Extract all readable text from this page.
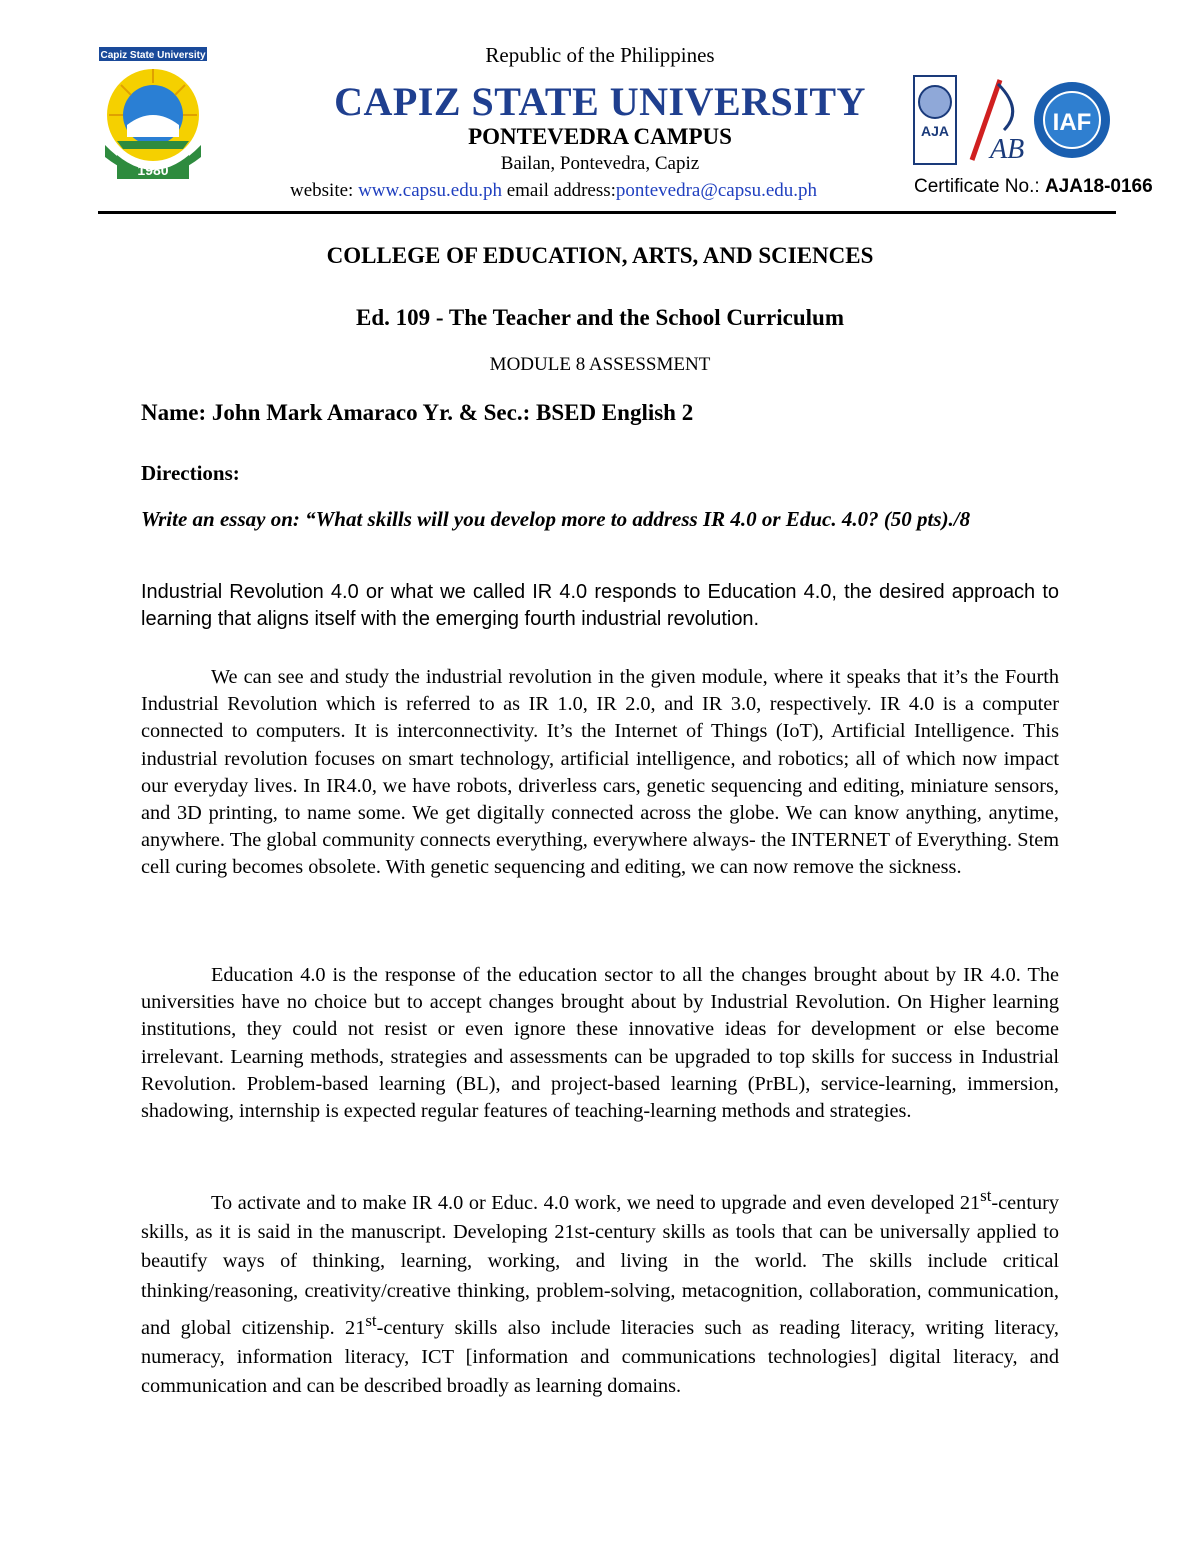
Capiz State University
1980
Republic of the Philippines
CAPIZ STATE UNIVERSITY
PONTEVEDRA CAMPUS
Bailan, Pontevedra, Capiz
website: www.capsu.edu.ph email address:pontevedra@capsu.edu.ph
AJA
AB
IAF
Certificate No.: AJA18-0166
COLLEGE OF EDUCATION, ARTS, AND SCIENCES
Ed. 109 - The Teacher and the School Curriculum
MODULE 8 ASSESSMENT
Name: John Mark Amaraco Yr. & Sec.: BSED English 2
Directions:
Write an essay on: “What skills will you develop more to address IR 4.0 or Educ. 4.0? (50 pts)./8
Industrial Revolution 4.0 or what we called IR 4.0 responds to Education 4.0, the desired approach to learning that aligns itself with the emerging fourth industrial revolution.
We can see and study the industrial revolution in the given module, where it speaks that it’s the Fourth Industrial Revolution which is referred to as IR 1.0, IR 2.0, and IR 3.0, respectively. IR 4.0 is a computer connected to computers. It is interconnectivity. It’s the Internet of Things (IoT), Artificial Intelligence. This industrial revolution focuses on smart technology, artificial intelligence, and robotics; all of which now impact our everyday lives. In IR4.0, we have robots, driverless cars, genetic sequencing and editing, miniature sensors, and 3D printing, to name some. We get digitally connected across the globe. We can know anything, anytime, anywhere. The global community connects everything, everywhere always- the INTERNET of Everything. Stem cell curing becomes obsolete. With genetic sequencing and editing, we can now remove the sickness.
Education 4.0 is the response of the education sector to all the changes brought about by IR 4.0. The universities have no choice but to accept changes brought about by Industrial Revolution. On Higher learning institutions, they could not resist or even ignore these innovative ideas for development or else become irrelevant. Learning methods, strategies and assessments can be upgraded to top skills for success in Industrial Revolution. Problem-based learning (BL), and project-based learning (PrBL), service-learning, immersion, shadowing, internship is expected regular features of teaching-learning methods and strategies.
To activate and to make IR 4.0 or Educ. 4.0 work, we need to upgrade and even developed 21st-century skills, as it is said in the manuscript. Developing 21st-century skills as tools that can be universally applied to beautify ways of thinking, learning, working, and living in the world. The skills include critical thinking/reasoning, creativity/creative thinking, problem-solving, metacognition, collaboration, communication, and global citizenship. 21st-century skills also include literacies such as reading literacy, writing literacy, numeracy, information literacy, ICT [information and communications technologies] digital literacy, and communication and can be described broadly as learning domains.
